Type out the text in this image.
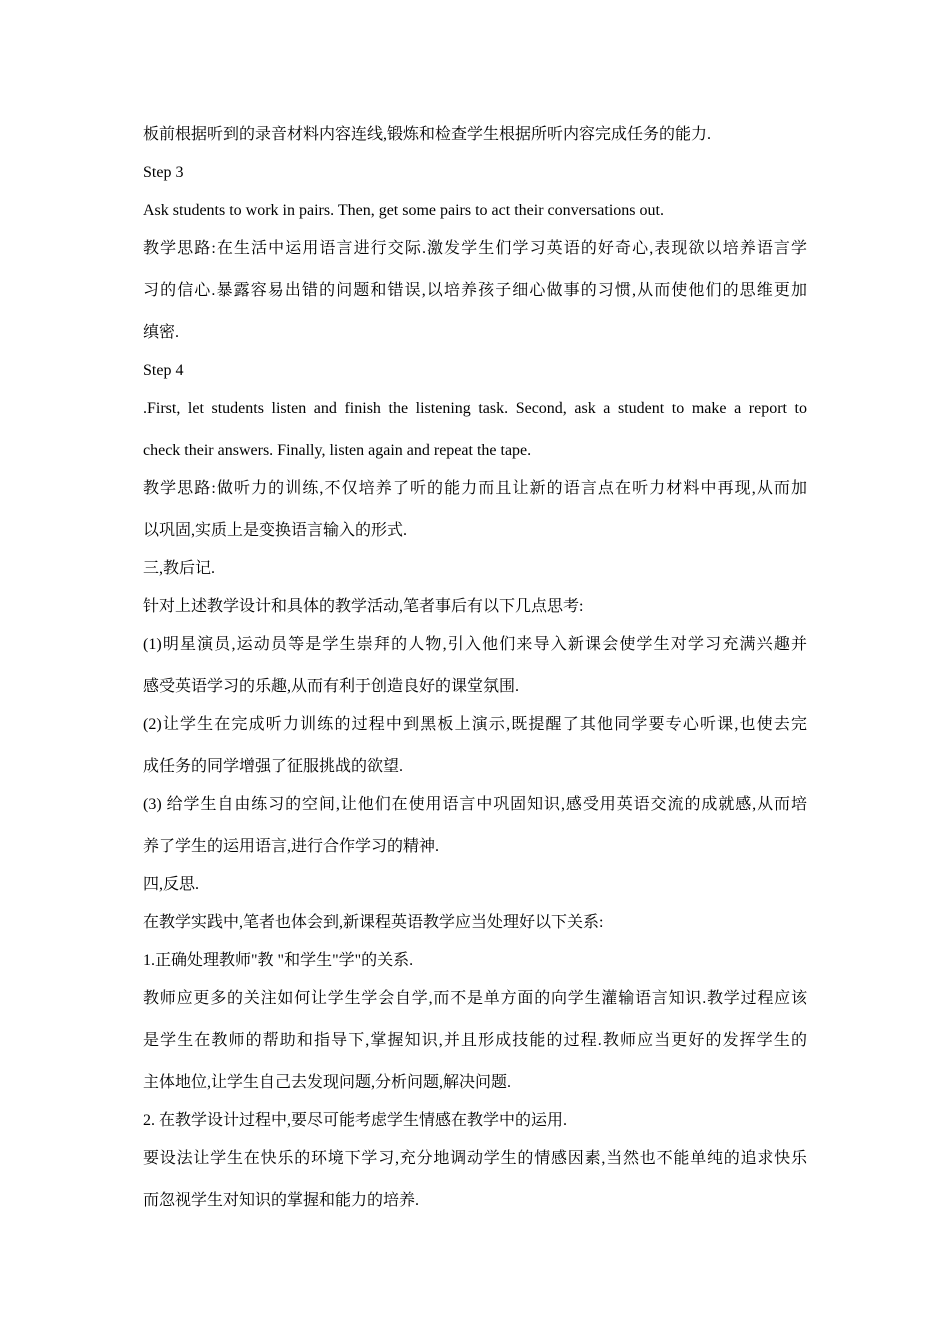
板前根据听到的录音材料内容连线,锻炼和检查学生根据所听内容完成任务的能力.
Step 3
Ask students to work in pairs. Then, get some pairs to act their conversations out.
教学思路:在生活中运用语言进行交际.激发学生们学习英语的好奇心,表现欲以培养语言学
习的信心.暴露容易出错的问题和错误,以培养孩子细心做事的习惯,从而使他们的思维更加
缜密.
Step 4
.First, let students listen and finish the listening task. Second, ask a student to make a report to
check their answers. Finally, listen again and repeat the tape.
教学思路:做听力的训练,不仅培养了听的能力而且让新的语言点在听力材料中再现,从而加
以巩固,实质上是变换语言输入的形式.
三,教后记.
针对上述教学设计和具体的教学活动,笔者事后有以下几点思考:
(1)明星演员,运动员等是学生崇拜的人物,引入他们来导入新课会使学生对学习充满兴趣并
感受英语学习的乐趣,从而有利于创造良好的课堂氛围.
(2)让学生在完成听力训练的过程中到黑板上演示,既提醒了其他同学要专心听课,也使去完
成任务的同学增强了征服挑战的欲望.
(3) 给学生自由练习的空间,让他们在使用语言中巩固知识,感受用英语交流的成就感,从而培
养了学生的运用语言,进行合作学习的精神.
四,反思.
在教学实践中,笔者也体会到,新课程英语教学应当处理好以下关系:
1.正确处理教师"教 "和学生"学"的关系.
教师应更多的关注如何让学生学会自学,而不是单方面的向学生灌输语言知识.教学过程应该
是学生在教师的帮助和指导下,掌握知识,并且形成技能的过程.教师应当更好的发挥学生的
主体地位,让学生自己去发现问题,分析问题,解决问题.
2. 在教学设计过程中,要尽可能考虑学生情感在教学中的运用.
要设法让学生在快乐的环境下学习,充分地调动学生的情感因素,当然也不能单纯的追求快乐
而忽视学生对知识的掌握和能力的培养.
